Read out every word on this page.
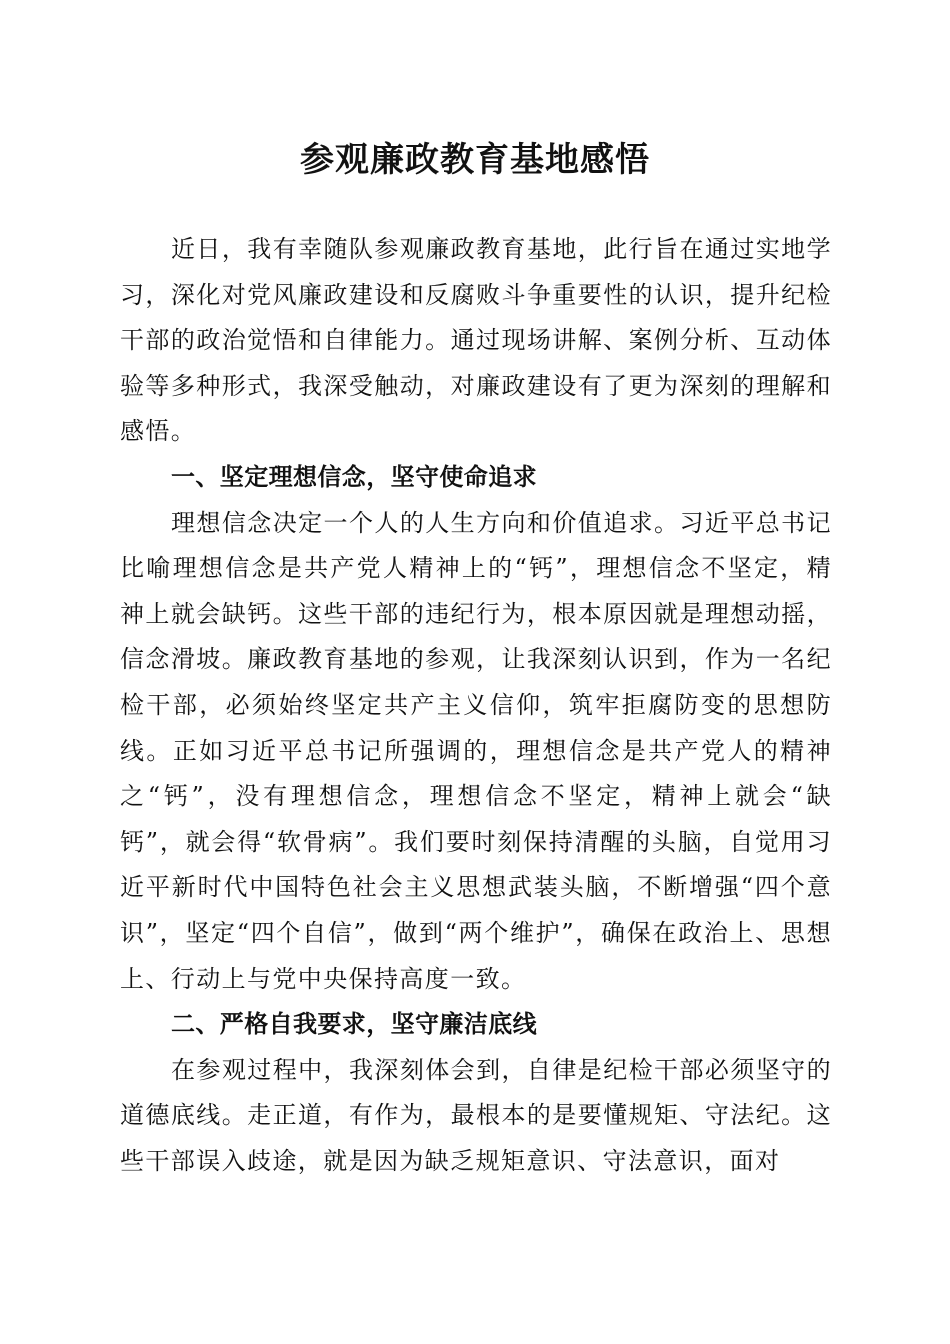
参观廉政教育基地感悟

近日，我有幸随队参观廉政教育基地，此行旨在通过实地学习，深化对党风廉政建设和反腐败斗争重要性的认识，提升纪检干部的政治觉悟和自律能力。通过现场讲解、案例分析、互动体验等多种形式，我深受触动，对廉政建设有了更为深刻的理解和感悟。

一、坚定理想信念，坚守使命追求

理想信念决定一个人的人生方向和价值追求。习近平总书记比喻理想信念是共产党人精神上的“钙”，理想信念不坚定，精神上就会缺钙。这些干部的违纪行为，根本原因就是理想动摇，信念滑坡。廉政教育基地的参观，让我深刻认识到，作为一名纪检干部，必须始终坚定共产主义信仰，筑牢拒腐防变的思想防线。正如习近平总书记所强调的，理想信念是共产党人的精神之“钙”，没有理想信念，理想信念不坚定，精神上就会“缺钙”，就会得“软骨病”。我们要时刻保持清醒的头脑，自觉用习近平新时代中国特色社会主义思想武装头脑，不断增强“四个意识”，坚定“四个自信”，做到“两个维护”，确保在政治上、思想上、行动上与党中央保持高度一致。

二、严格自我要求，坚守廉洁底线

在参观过程中，我深刻体会到，自律是纪检干部必须坚守的道德底线。走正道，有作为，最根本的是要懂规矩、守法纪。这些干部误入歧途，就是因为缺乏规矩意识、守法意识，面对
